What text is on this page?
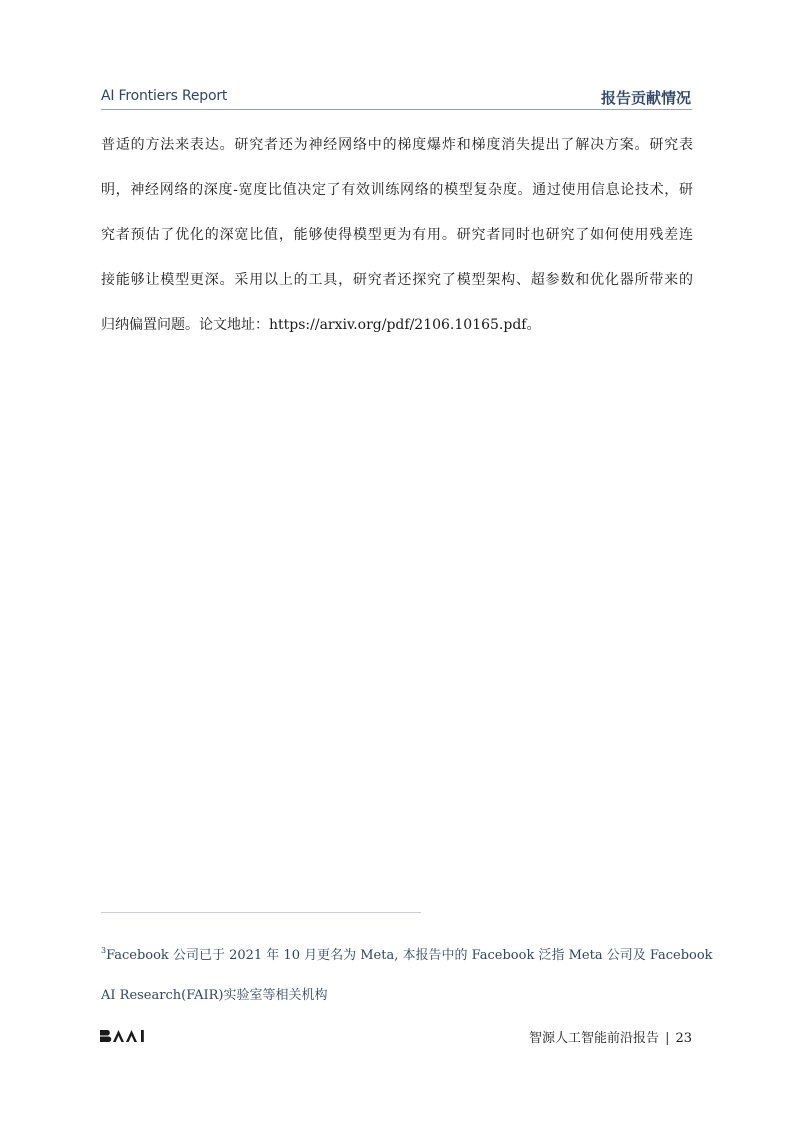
AI Frontiers Report	报告贡献情况
普适的方法来表达。研究者还为神经网络中的梯度爆炸和梯度消失提出了解决方案。研究表
明，神经网络的深度-宽度比值决定了有效训练网络的模型复杂度。通过使用信息论技术，研
究者预估了优化的深宽比值，能够使得模型更为有用。研究者同时也研究了如何使用残差连
接能够让模型更深。采用以上的工具，研究者还探究了模型架构、超参数和优化器所带来的
归纳偏置问题。论文地址：https://arxiv.org/pdf/2106.10165.pdf。
$^3$Facebook 公司已于 2021 年 10 月更名为 Meta, 本报告中的 Facebook 泛指 Meta 公司及 Facebook
AI Research(FAIR)实验室等相关机构
智源人工智能前沿报告 | 23
